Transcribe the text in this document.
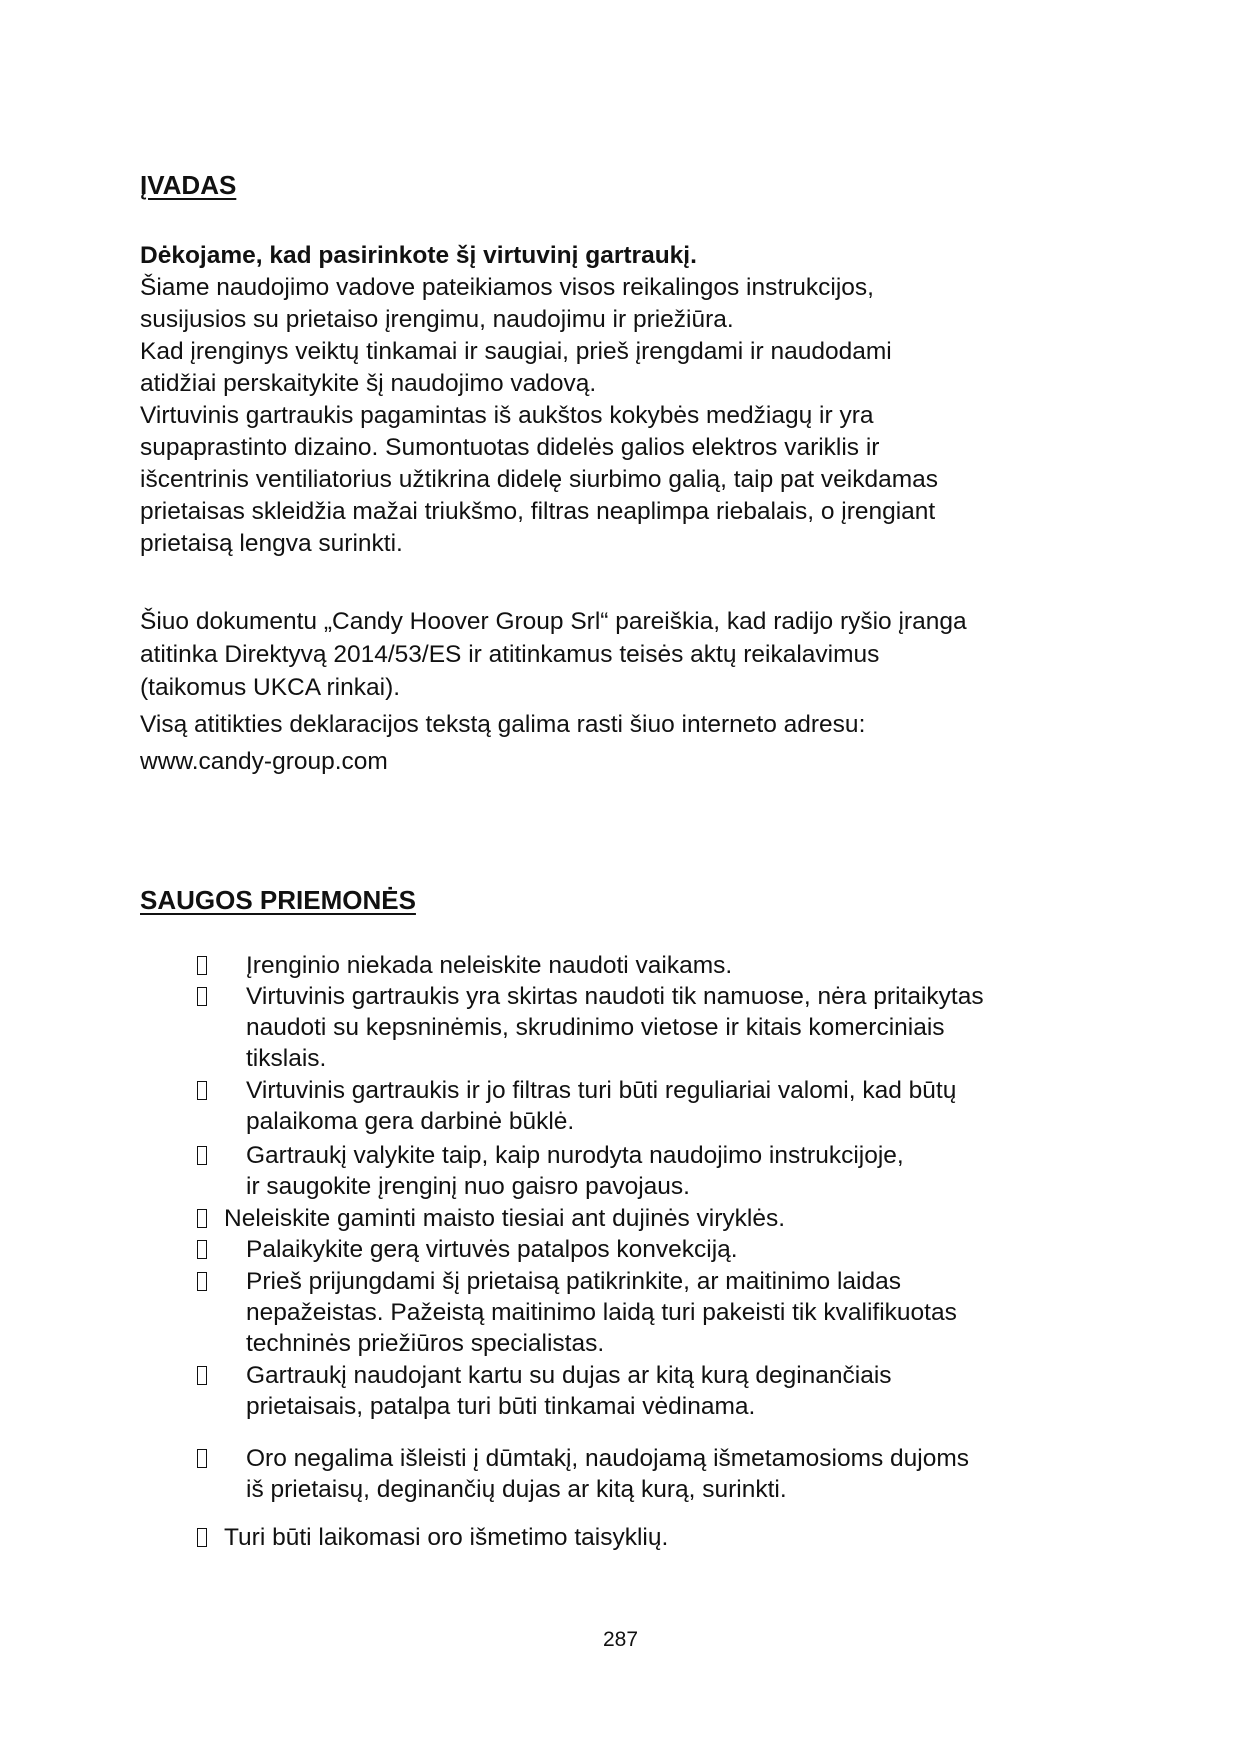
ĮVADAS
Dėkojame, kad pasirinkote šį virtuvinį gartraukį.
Šiame naudojimo vadove pateikiamos visos reikalingos instrukcijos,
susijusios su prietaiso įrengimu, naudojimu ir priežiūra.
Kad įrenginys veiktų tinkamai ir saugiai, prieš įrengdami ir naudodami
atidžiai perskaitykite šį naudojimo vadovą.
Virtuvinis gartraukis pagamintas iš aukštos kokybės medžiagų ir yra
supaprastinto dizaino. Sumontuotas didelės galios elektros variklis ir
išcentrinis ventiliatorius užtikrina didelę siurbimo galią, taip pat veikdamas
prietaisas skleidžia mažai triukšmo, filtras neaplimpa riebalais, o įrengiant
prietaisą lengva surinkti.
Šiuo dokumentu „Candy Hoover Group Srl“ pareiškia, kad radijo ryšio įranga
atitinka Direktyvą 2014/53/ES ir atitinkamus teisės aktų reikalavimus
(taikomus UKCA rinkai).
Visą atitikties deklaracijos tekstą galima rasti šiuo interneto adresu:
www.candy-group.com
SAUGOS PRIEMONĖS
Įrenginio niekada neleiskite naudoti vaikams.
Virtuvinis gartraukis yra skirtas naudoti tik namuose, nėra pritaikytas
naudoti su kepsninėmis, skrudinimo vietose ir kitais komerciniais
tikslais.
Virtuvinis gartraukis ir jo filtras turi būti reguliariai valomi, kad būtų
palaikoma gera darbinė būklė.
Gartraukį valykite taip, kaip nurodyta naudojimo instrukcijoje,
ir saugokite įrenginį nuo gaisro pavojaus.
Neleiskite gaminti maisto tiesiai ant dujinės viryklės.
Palaikykite gerą virtuvės patalpos konvekciją.
Prieš prijungdami šį prietaisą patikrinkite, ar maitinimo laidas
nepažeistas. Pažeistą maitinimo laidą turi pakeisti tik kvalifikuotas
techninės priežiūros specialistas.
Gartraukį naudojant kartu su dujas ar kitą kurą deginančiais
prietaisais, patalpa turi būti tinkamai vėdinama.
Oro negalima išleisti į dūmtakį, naudojamą išmetamosioms dujoms
iš prietaisų, deginančių dujas ar kitą kurą, surinkti.
Turi būti laikomasi oro išmetimo taisyklių.
287
